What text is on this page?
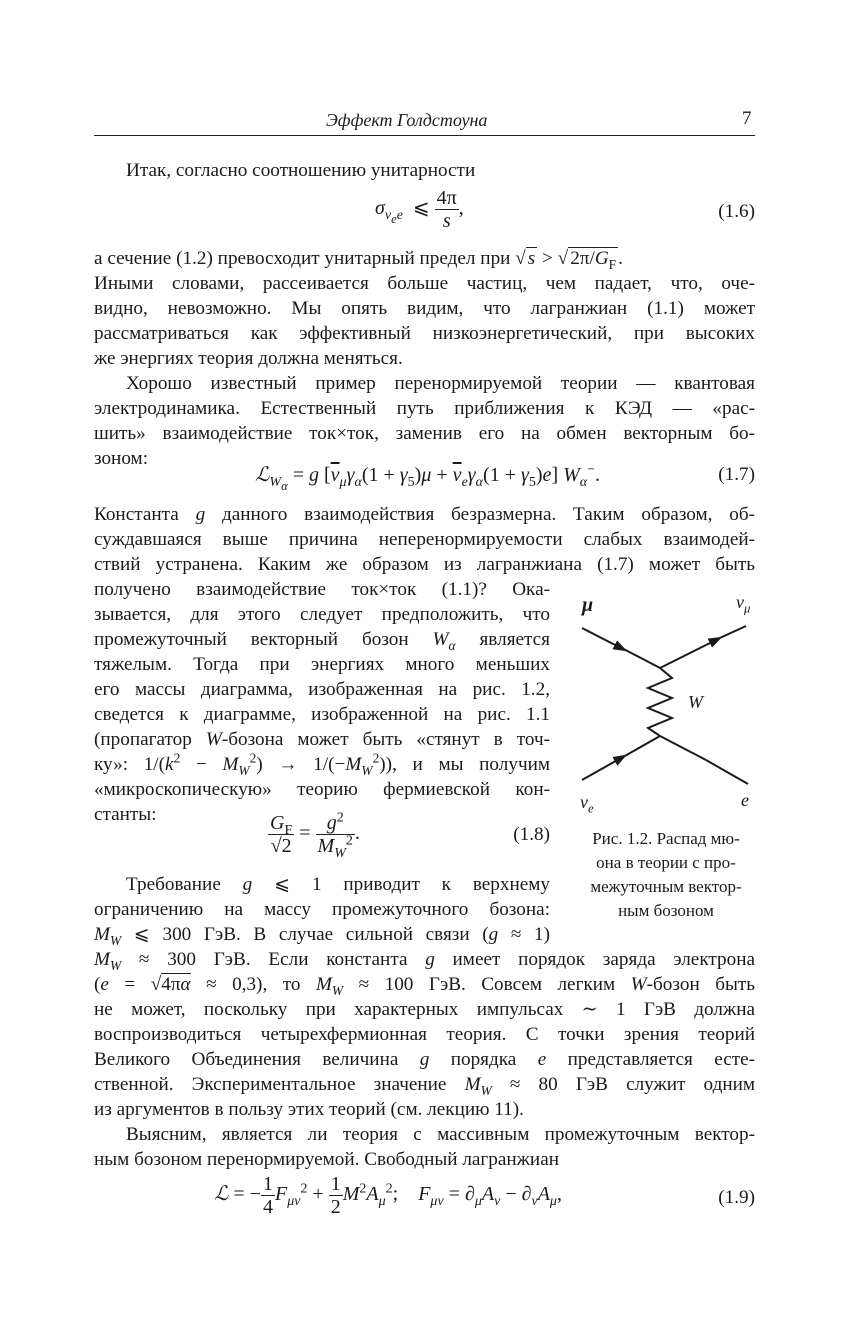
Эффект Голдстоуна	7
Итак, согласно соотношению унитарности
$\sigma_{\nu_ee}$  ⩽ $\frac{4\pi}{s}$ ,	(1.6)
а сечение (1.2) превосходит унитарный предел при √ s > √ $2\pi/G_F$ .
Иными словами, рассеивается больше частиц, чем падает, что, оче-
видно, невозможно. Мы опять видим, что лагранжиан (1.1) может
рассматриваться как эффективный низкоэнергетический, при высоких
же энергиях теория должна меняться.
Хорошо известный пример перенормируемой теории — квантовая
электродинамика. Естественный путь приближения к КЭД — «рас-
шить» взаимодействие ток×ток, заменив его на обмен векторным бо-
зоном:
ℒ$_{W_\alpha}$ = g $[\overline{\nu}_\mu\gamma_\alpha(1 + \gamma_5)\mu + \overline{\nu}_e\gamma_\alpha(1 + \gamma_5)e]$ $W_\alpha^-$.	(1.7)
Константа g данного взаимодействия безразмерна. Таким образом, об-
суждавшаяся выше причина неперенормируемости слабых взаимодей-
ствий устранена. Каким же образом из лагранжиана (1.7) может быть
получено взаимодействие ток×ток (1.1)? Ока-
зывается, для этого следует предположить, что
промежуточный векторный бозон $W_\alpha$ является
тяжелым. Тогда при энергиях много меньших
его массы диаграмма, изображенная на рис. 1.2,
сведется к диаграмме, изображенной на рис. 1.1
(пропагатор W-бозона может быть «стянут в точ-
ку»: $1/(k^2 - M_W^2) \to 1/(-M_W^2)$), и мы получим
«микроскопическую» теорию фермиевской кон-
станты:	$\frac{G_F}{√2} = \frac{g^2}{M_W^2}$ .	(1.8)
Требование g ⩽ 1 приводит к верхнему
ограничению на массу промежуточного бозона:
$M_W$ ⩽ 300 ГэВ. В случае сильной связи (g ≈ 1)
$M_W \approx 300$ ГэВ. Если константа g имеет порядок заряда электрона
(e = √4πα ≈ 0,3), то $M_W \approx 100$ ГэВ. Совсем легким W-бозон быть
не может, поскольку при характерных импульсах ∼ 1 ГэВ должна
воспроизводиться четырехфермионная теория. С точки зрения теорий
Великого Объединения величина g порядка e представляется есте-
ственной. Экспериментальное значение $M_W \approx 80$ ГэВ служит одним
из аргументов в пользу этих теорий (см. лекцию 11).
Выясним, является ли теория с массивным промежуточным вектор-
ным бозоном перенормируемой. Свободный лагранжиан
ℒ = − $\frac{1}{4} F_{\mu\nu}^2 + \frac{1}{2} M^2A_\mu^2$;    $F_{\mu\nu} = \partial_\mu A_\nu - \partial_\nu A_\mu$,	(1.9)
μ	$\nu_\mu$
W
$\nu_e$	e
Рис. 1.2. Распад мю-
она в теории с про-
межуточным вектор-
ным бозоном
